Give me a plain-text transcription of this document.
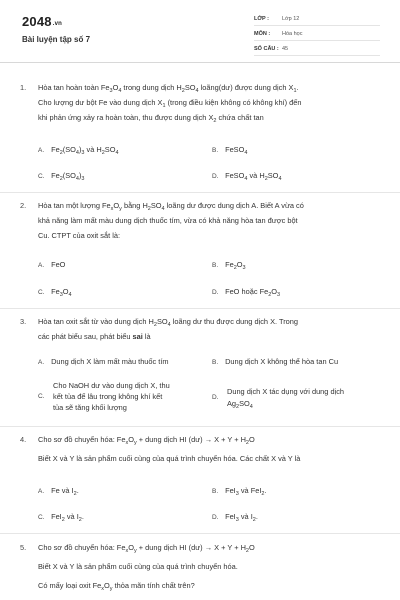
2048.vn
Bài luyện tập số 7
LỚP : Lớp 12
MÔN : Hóa học
SỐ CÂU : 45
1.	Hòa tan hoàn toàn $Fe_3O_4$ trong dung dịch $H_2SO_4$ loãng(dư) được dung dịch $X_1$.
Cho lượng dư bột Fe vào dung dịch $X_1$ (trong điều kiện không có không khí) đến
khi phản ứng xảy ra hoàn toàn, thu được dung dịch $X_2$ chứa chất tan
A. $Fe_2(SO_4)_3$ và $H_2SO_4$	B. FeSO$_4$
C. $Fe_2(SO_4)_3$	D. FeSO$_4$ và $H_2SO_4$
2.	Hòa tan một lượng $Fe_xO_y$ bằng $H_2SO_4$ loãng dư được dung dịch A. Biết A vừa có
khả năng làm mất màu dung dịch thuốc tím, vừa có khả năng hòa tan được bột
Cu. CTPT của oxit sắt là:
A. FeO	B. $Fe_2O_3$
C. $Fe_3O_4$	D. FeO hoặc $Fe_2O_3$
3.	Hòa tan oxit sắt từ vào dung dịch $H_2SO_4$ loãng dư thu được dung dịch X. Trong
các phát biểu sau, phát biểu sai là
A. Dung dịch X làm mất màu thuốc tím	B. Dung dịch X không thể hòa tan Cu
C.
Cho NaOH dư vào dung dịch X, thu
kết tủa để lâu trong không khí kết
tủa sẽ tăng khối lượng
D.
Dung dịch X tác dụng với dung dịch
$Ag_2SO_4$
4.	Cho sơ đồ chuyển hóa: $Fe_xO_y$ + dung dịch HI (dư) → $X + Y + H_2O$
Biết X và Y là sản phẩm cuối cùng của quá trình chuyển hóa. Các chất X và Y là
A. Fe và $I_2$.	B. FeI$_3$ và FeI$_2$.
C. FeI$_2$ và $I_2$.	D. FeI$_3$ và $I_2$.
5.	Cho sơ đồ chuyển hóa: $Fe_xO_y$ + dung dịch HI (dư) → $X + Y + H_2O$
Biết X và Y là sản phẩm cuối cùng của quá trình chuyển hóa.
Có mấy loại oxit $Fe_xO_y$ thỏa mãn tính chất trên?
